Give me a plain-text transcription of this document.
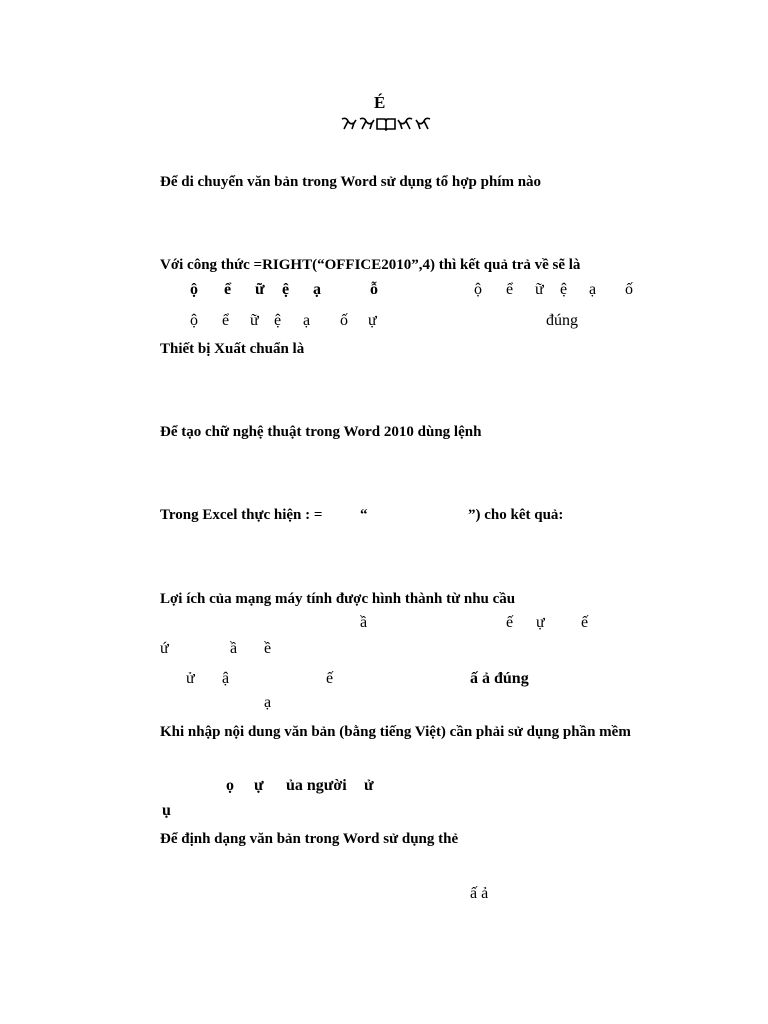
É
Để di chuyển văn bản trong Word sử dụng tổ hợp phím nào
Với công thức =RIGHT(“OFFICE2010”,4) thì kết quả trả về sẽ là
ộ ể ữ ệ ạ	ỗ	ộ ể ữ ệ ạ ố
ộ ể ữ ệ ạ ố ự	đúng
Thiết bị Xuất chuẩn là
Để tạo chữ nghệ thuật trong Word 2010 dùng lệnh
Trong Excel thực hiện : =	“	”) cho kêt quả:
Lợi ích của mạng máy tính được hình thành từ nhu cầu
ầ	ế ự ế
ứ	ầ ề
ử ậ	ế	ấ ả đúng
ạ
Khi nhập nội dung văn bản (bằng tiếng Việt) cần phải sử dụng phần mềm
ọ ự ủa người ử
ụ
Để định dạng văn bản trong Word sử dụng thẻ
ấ ả
